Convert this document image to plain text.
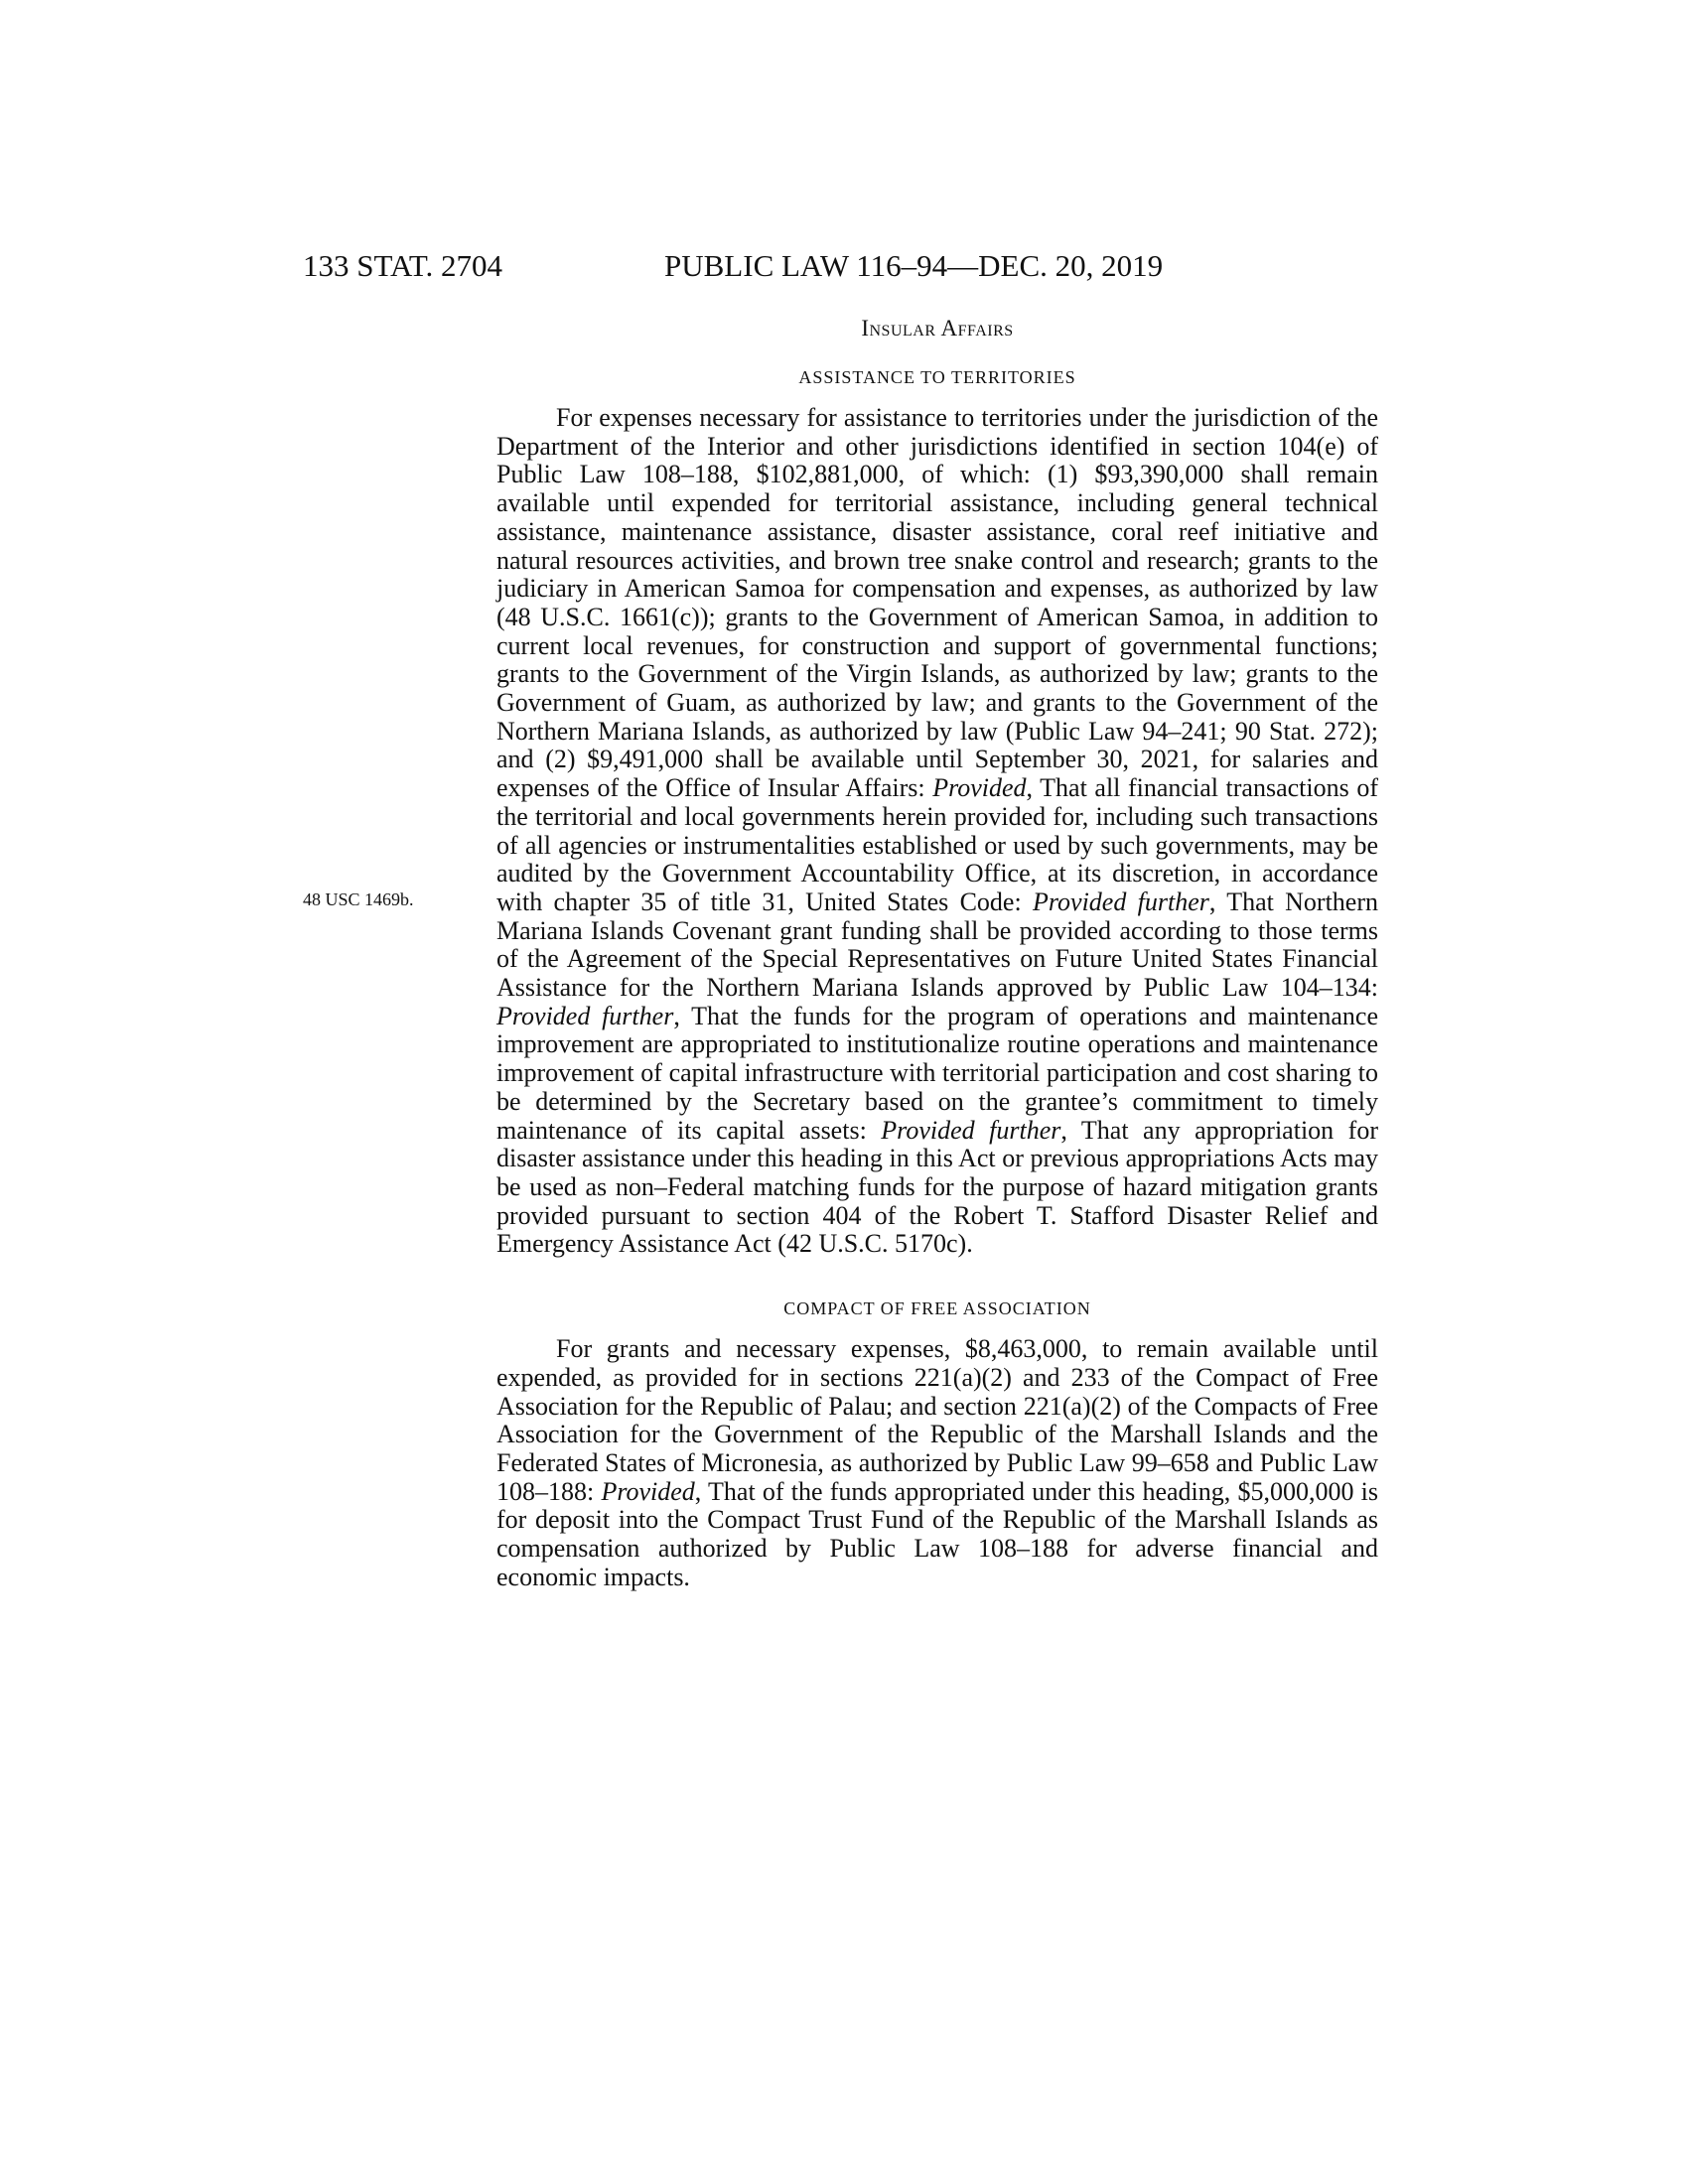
133 STAT. 2704	PUBLIC LAW 116–94—DEC. 20, 2019
48 USC 1469b.
Insular Affairs
ASSISTANCE TO TERRITORIES

For expenses necessary for assistance to territories under the jurisdiction of the Department of the Interior and other jurisdictions identified in section 104(e) of Public Law 108–188, $102,881,000, of which: (1) $93,390,000 shall remain available until expended for territorial assistance, including general technical assistance, maintenance assistance, disaster assistance, coral reef initiative and natural resources activities, and brown tree snake control and research; grants to the judiciary in American Samoa for compensation and expenses, as authorized by law (48 U.S.C. 1661(c)); grants to the Government of American Samoa, in addition to current local revenues, for construction and support of governmental functions; grants to the Government of the Virgin Islands, as authorized by law; grants to the Government of Guam, as authorized by law; and grants to the Government of the Northern Mariana Islands, as authorized by law (Public Law 94–241; 90 Stat. 272); and (2) $9,491,000 shall be available until September 30, 2021, for salaries and expenses of the Office of Insular Affairs: Provided, That all financial transactions of the territorial and local governments herein provided for, including such transactions of all agencies or instrumentalities established or used by such governments, may be audited by the Government Accountability Office, at its discretion, in accordance with chapter 35 of title 31, United States Code: Provided further, That Northern Mariana Islands Covenant grant funding shall be provided according to those terms of the Agreement of the Special Representatives on Future United States Financial Assistance for the Northern Mariana Islands approved by Public Law 104–134: Provided further, That the funds for the program of operations and maintenance improvement are appropriated to institutionalize routine operations and maintenance improvement of capital infrastructure with territorial participation and cost sharing to be determined by the Secretary based on the grantee’s commitment to timely maintenance of its capital assets: Provided further, That any appropriation for disaster assistance under this heading in this Act or previous appropriations Acts may be used as non–Federal matching funds for the purpose of hazard mitigation grants provided pursuant to section 404 of the Robert T. Stafford Disaster Relief and Emergency Assistance Act (42 U.S.C. 5170c).

COMPACT OF FREE ASSOCIATION

For grants and necessary expenses, $8,463,000, to remain available until expended, as provided for in sections 221(a)(2) and 233 of the Compact of Free Association for the Republic of Palau; and section 221(a)(2) of the Compacts of Free Association for the Government of the Republic of the Marshall Islands and the Federated States of Micronesia, as authorized by Public Law 99–658 and Public Law 108–188: Provided, That of the funds appropriated under this heading, $5,000,000 is for deposit into the Compact Trust Fund of the Republic of the Marshall Islands as compensation authorized by Public Law 108–188 for adverse financial and economic impacts.
